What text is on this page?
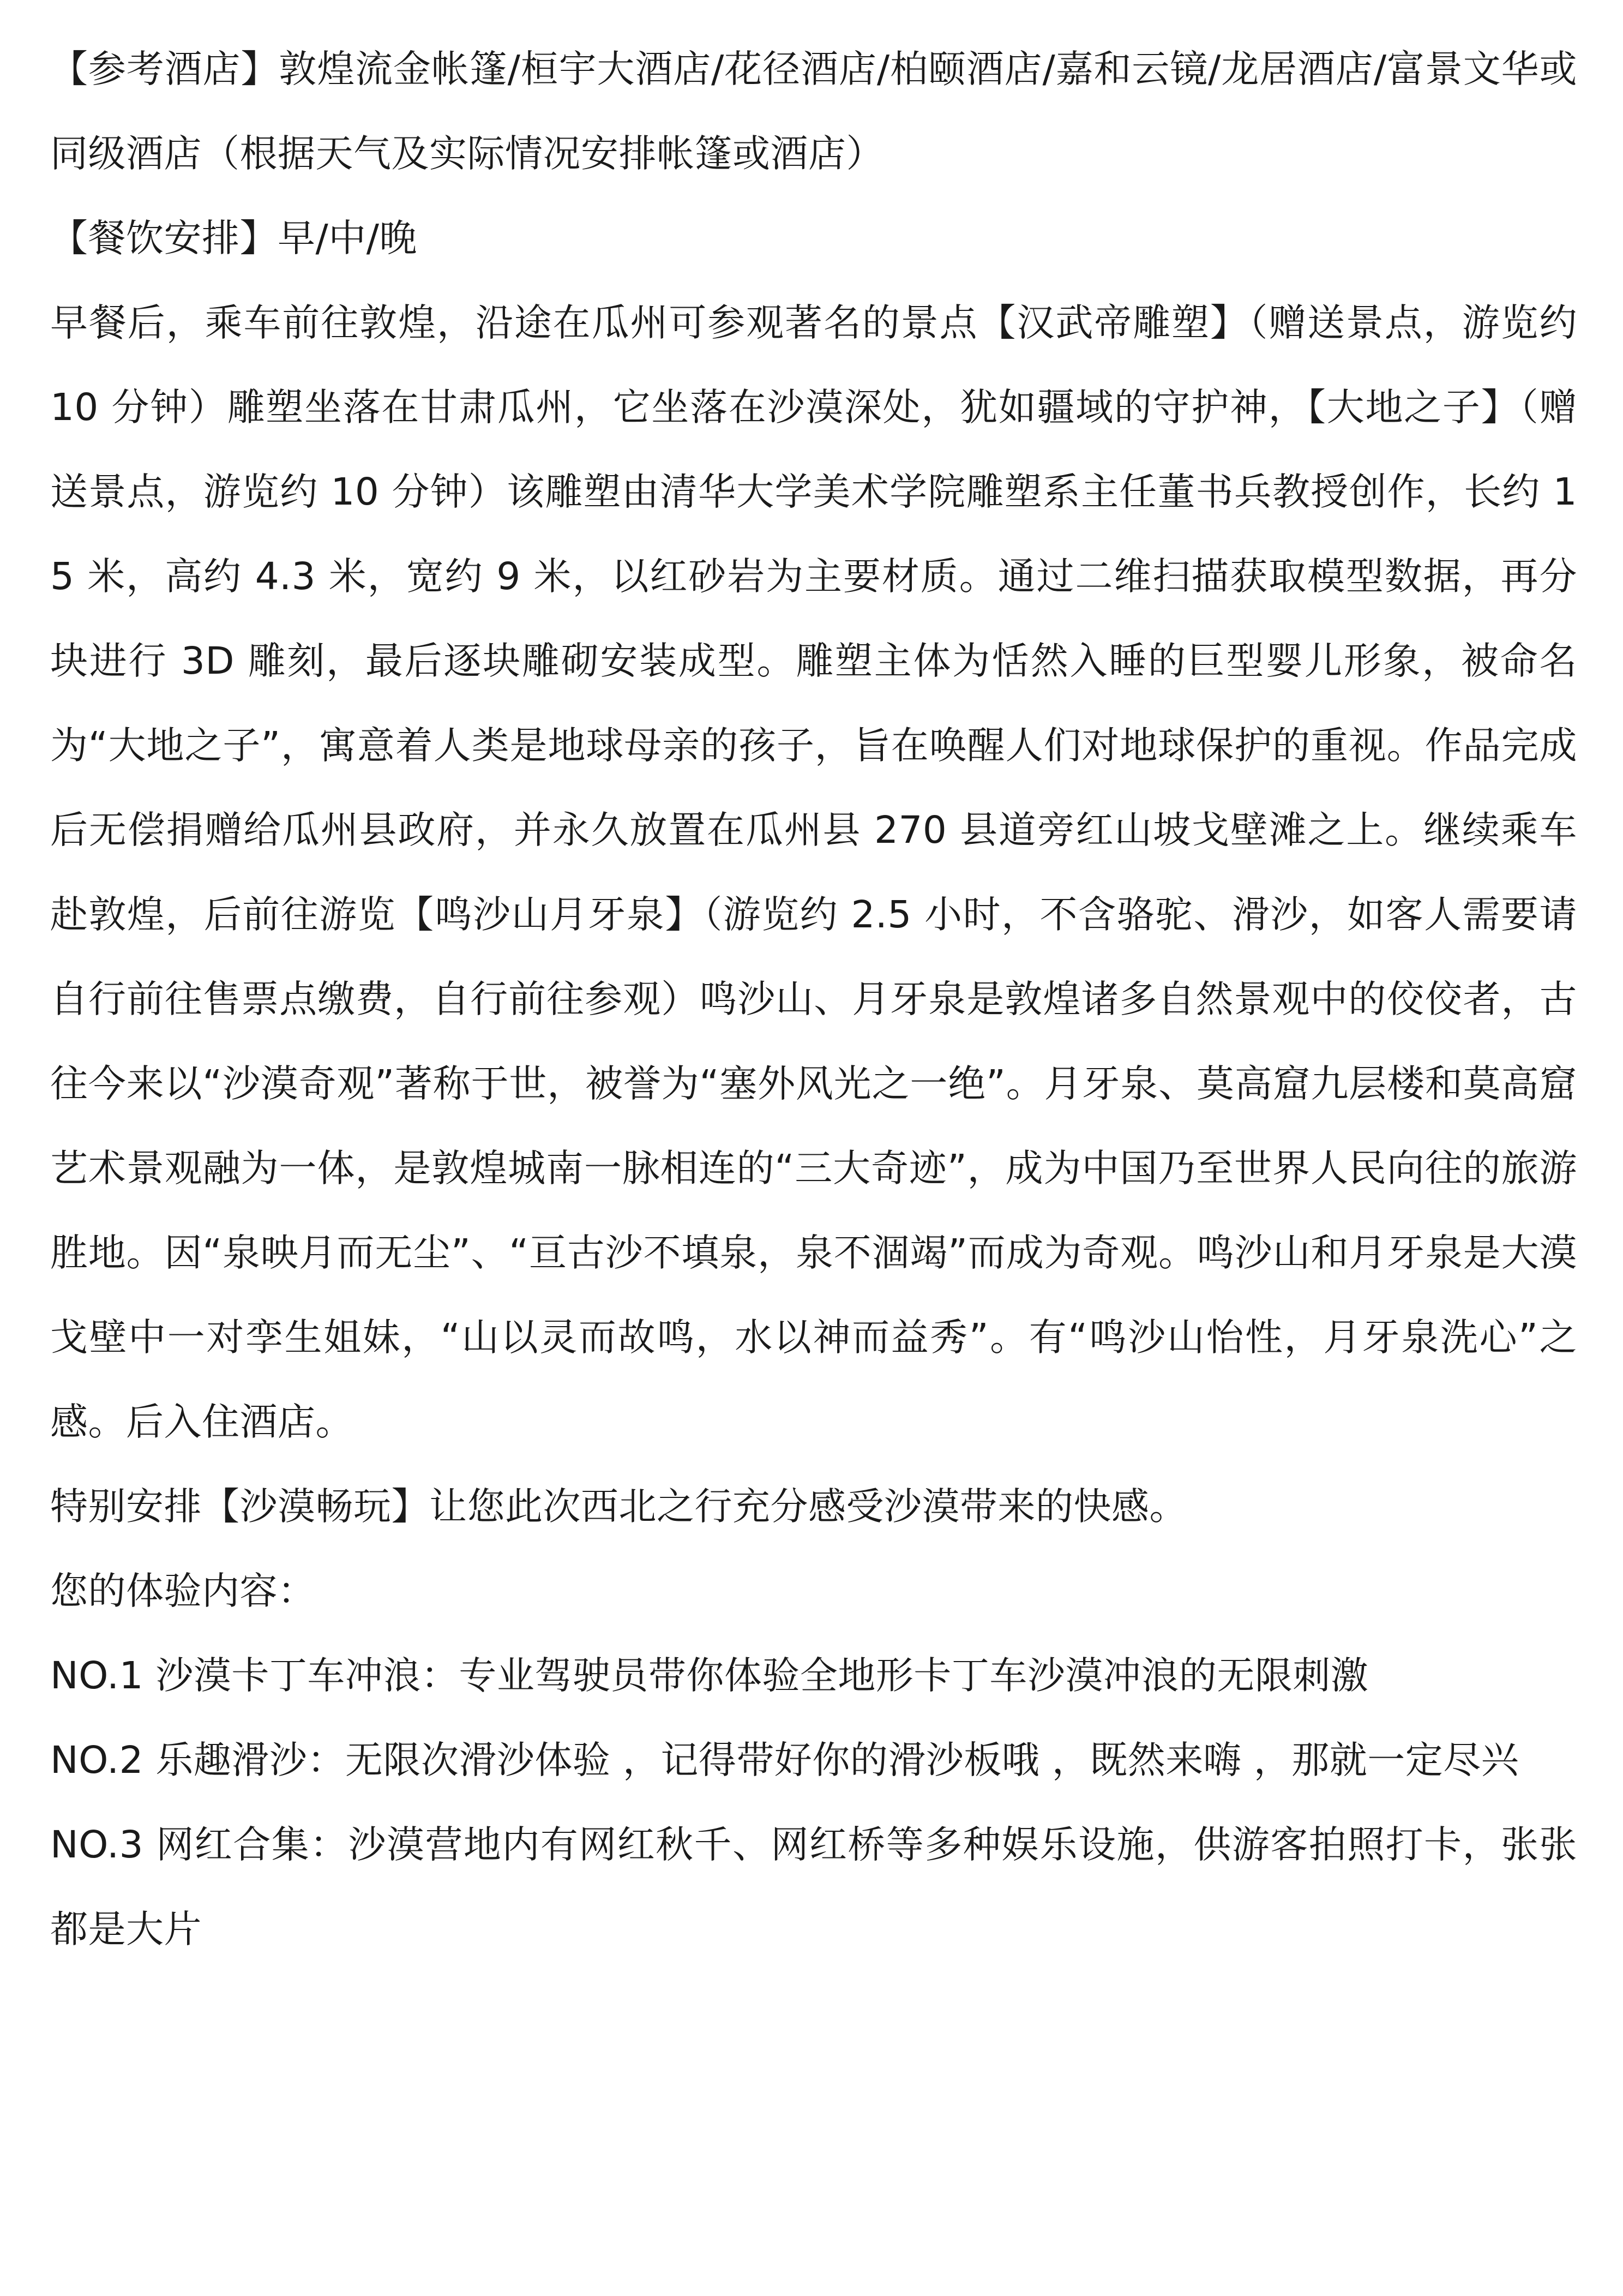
【参考酒店】敦煌流金帐篷/桓宇大酒店/花径酒店/柏颐酒店/嘉和云镜/龙居酒店/富景文华或同级酒店（根据天气及实际情况安排帐篷或酒店）

【餐饮安排】早/中/晚

早餐后，乘车前往敦煌，沿途在瓜州可参观著名的景点【汉武帝雕塑】（赠送景点，游览约 10 分钟）雕塑坐落在甘肃瓜州，它坐落在沙漠深处，犹如疆域的守护神，【大地之子】（赠送景点，游览约 10 分钟）该雕塑由清华大学美术学院雕塑系主任董书兵教授创作，长约 15 米，高约 4.3 米，宽约 9 米，以红砂岩为主要材质。通过二维扫描获取模型数据，再分块进行 3D 雕刻，最后逐块雕砌安装成型。雕塑主体为恬然入睡的巨型婴儿形象，被命名为“大地之子”，寓意着人类是地球母亲的孩子，旨在唤醒人们对地球保护的重视。作品完成后无偿捐赠给瓜州县政府，并永久放置在瓜州县 270 县道旁红山坡戈壁滩之上。继续乘车赴敦煌，后前往游览【鸣沙山月牙泉】（游览约 2.5 小时，不含骆驼、滑沙，如客人需要请自行前往售票点缴费，自行前往参观）鸣沙山、月牙泉是敦煌诸多自然景观中的佼佼者，古往今来以“沙漠奇观”著称于世，被誉为“塞外风光之一绝”。月牙泉、莫高窟九层楼和莫高窟艺术景观融为一体，是敦煌城南一脉相连的“三大奇迹”，成为中国乃至世界人民向往的旅游胜地。因“泉映月而无尘”、“亘古沙不填泉，泉不涸竭”而成为奇观。鸣沙山和月牙泉是大漠戈壁中一对孪生姐妹，“山以灵而故鸣，水以神而益秀”。有“鸣沙山怡性，月牙泉洗心”之感。后入住酒店。

特别安排【沙漠畅玩】让您此次西北之行充分感受沙漠带来的快感。

您的体验内容：

NO.1 沙漠卡丁车冲浪：专业驾驶员带你体验全地形卡丁车沙漠冲浪的无限刺激

NO.2 乐趣滑沙：无限次滑沙体验 ，记得带好你的滑沙板哦 ，既然来嗨 ，那就一定尽兴

NO.3 网红合集：沙漠营地内有网红秋千、网红桥等多种娱乐设施，供游客拍照打卡，张张都是大片
